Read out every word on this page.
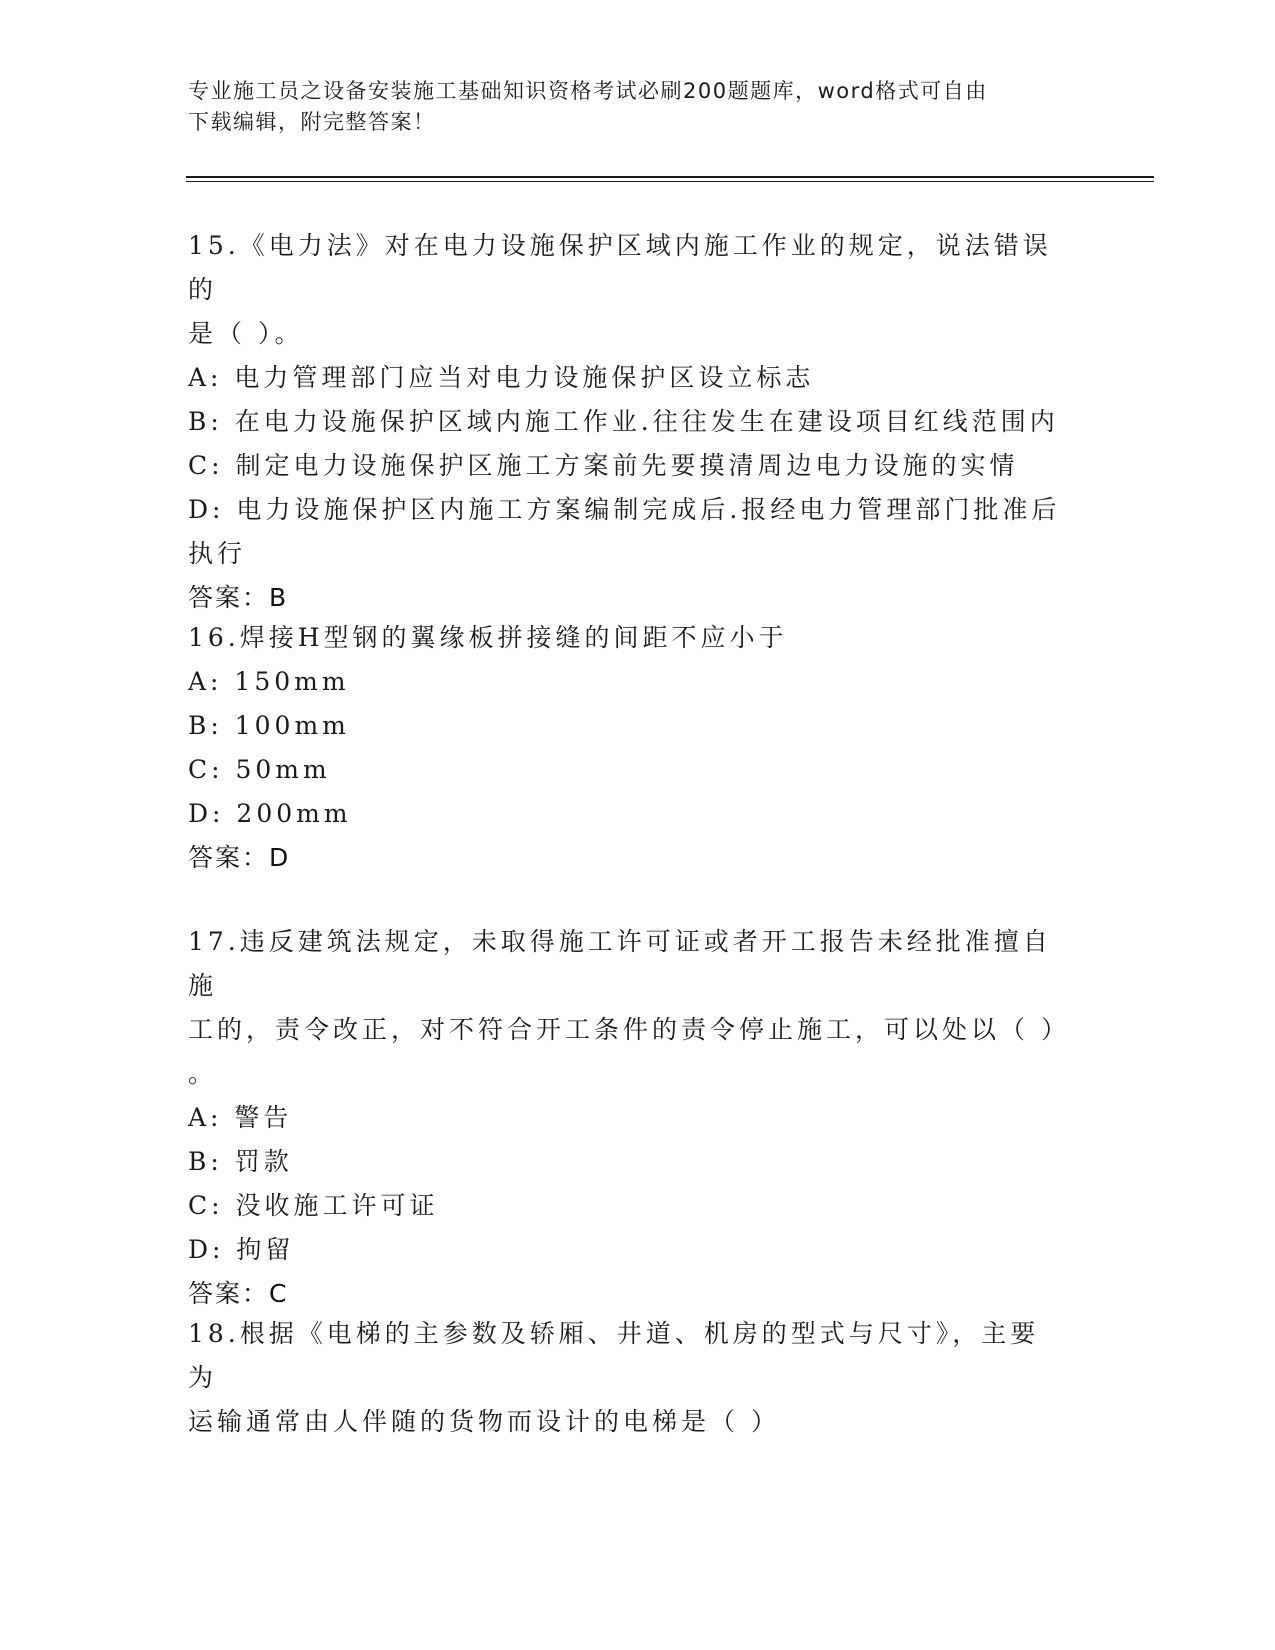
专业施工员之设备安装施工基础知识资格考试必刷200题题库，word格式可自由
下载编辑，附完整答案！
15.《电力法》对在电力设施保护区域内施工作业的规定，说法错误的
是（ ）。
A: 电力管理部门应当对电力设施保护区设立标志
B: 在电力设施保护区域内施工作业.往往发生在建设项目红线范围内
C: 制定电力设施保护区施工方案前先要摸清周边电力设施的实情
D: 电力设施保护区内施工方案编制完成后.报经电力管理部门批准后
执行
答案：B
16.焊接H型钢的翼缘板拼接缝的间距不应小于
A: 150mm
B: 100mm
C: 50mm
D: 200mm
答案：D
17.违反建筑法规定，未取得施工许可证或者开工报告未经批准擅自施
工的，责令改正，对不符合开工条件的责令停止施工，可以处以（ ）
。
A: 警告
B: 罚款
C: 没收施工许可证
D: 拘留
答案：C
18.根据《电梯的主参数及轿厢、井道、机房的型式与尺寸》，主要为
运输通常由人伴随的货物而设计的电梯是（ ）
